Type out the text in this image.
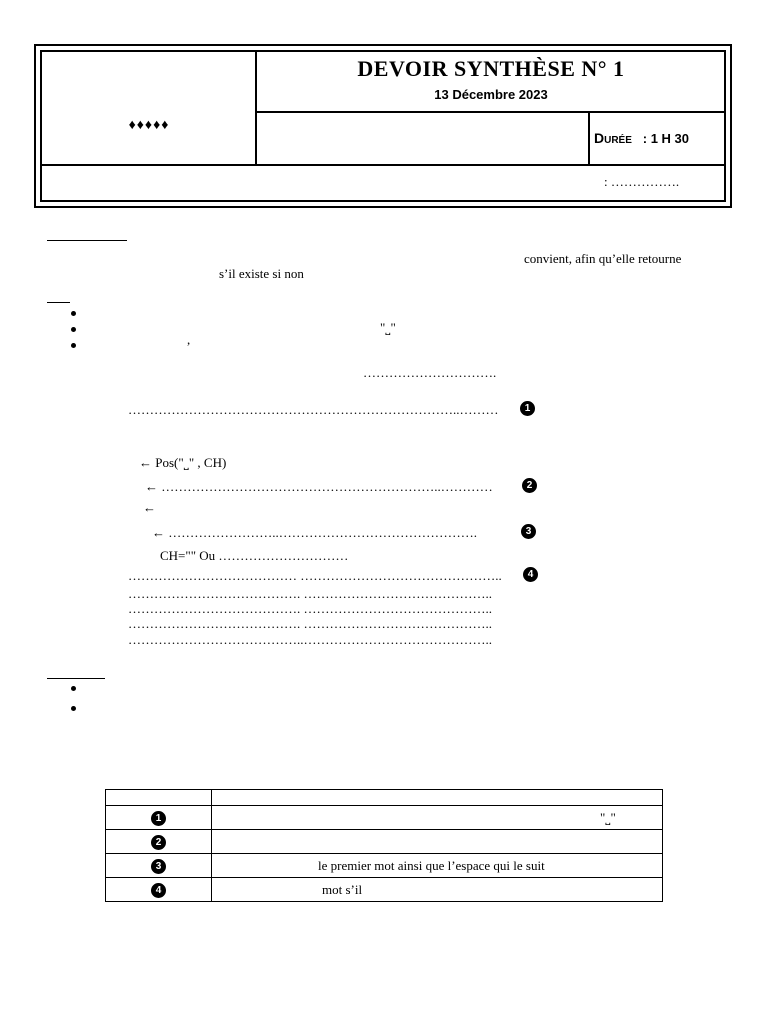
DEVOIR SYNTHÈSE N° 1
13 Décembre 2023
♦♦♦♦♦
Durée : 1 H 30
: …………….
convient, afin qu’elle retourne
s’il existe si non
"˽"
,
………………………….
…………………………………………………………………..………	1
← Pos("˽" , CH)
← ………………………………………………………..…………	2
←
← ……………………..……………………………………….	3
CH="" Ou …………………………
………………………………… ………………………………………..	4
…………………………………. ……………………………………..
…………………………………. ……………………………………..
…………………………………. ……………………………………..
…………………………………..……………………………………..

1	"˽"
2	
3	le premier mot ainsi que l’espace qui le suit
4	mot s’il
